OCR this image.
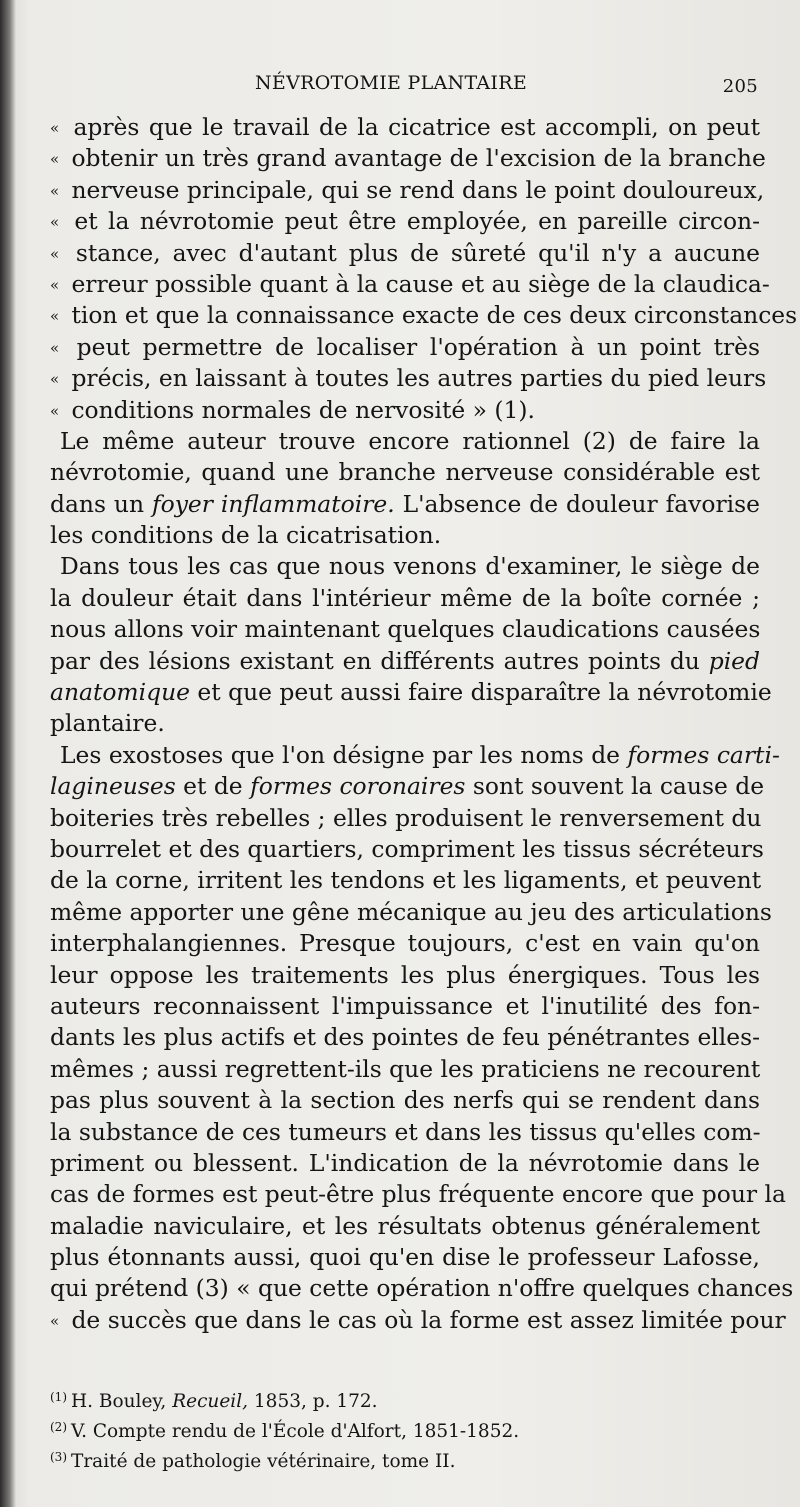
NÉVROTOMIE PLANTAIRE	205
« après que le travail de la cicatrice est accompli, on peut
« obtenir un très grand avantage de l'excision de la branche
« nerveuse principale, qui se rend dans le point douloureux,
« et la névrotomie peut être employée, en pareille circon-
« stance, avec d'autant plus de sûreté qu'il n'y a aucune
« erreur possible quant à la cause et au siège de la claudica-
« tion et que la connaissance exacte de ces deux circonstances
« peut permettre de localiser l'opération à un point très
« précis, en laissant à toutes les autres parties du pied leurs
« conditions normales de nervosité » (1).
Le même auteur trouve encore rationnel (2) de faire la
névrotomie, quand une branche nerveuse considérable est
dans un foyer inflammatoire. L'absence de douleur favorise
les conditions de la cicatrisation.
Dans tous les cas que nous venons d'examiner, le siège de
la douleur était dans l'intérieur même de la boîte cornée ;
nous allons voir maintenant quelques claudications causées
par des lésions existant en différents autres points du pied
anatomique et que peut aussi faire disparaître la névrotomie
plantaire.
Les exostoses que l'on désigne par les noms de formes carti-
lagineuses et de formes coronaires sont souvent la cause de
boiteries très rebelles ; elles produisent le renversement du
bourrelet et des quartiers, compriment les tissus sécréteurs
de la corne, irritent les tendons et les ligaments, et peuvent
même apporter une gêne mécanique au jeu des articulations
interphalangiennes. Presque toujours, c'est en vain qu'on
leur oppose les traitements les plus énergiques. Tous les
auteurs reconnaissent l'impuissance et l'inutilité des fon-
dants les plus actifs et des pointes de feu pénétrantes elles-
mêmes ; aussi regrettent-ils que les praticiens ne recourent
pas plus souvent à la section des nerfs qui se rendent dans
la substance de ces tumeurs et dans les tissus qu'elles com-
priment ou blessent. L'indication de la névrotomie dans le
cas de formes est peut-être plus fréquente encore que pour la
maladie naviculaire, et les résultats obtenus généralement
plus étonnants aussi, quoi qu'en dise le professeur Lafosse,
qui prétend (3) « que cette opération n'offre quelques chances
« de succès que dans le cas où la forme est assez limitée pour
$^{(1)}$ H. Bouley, Recueil, 1853, p. 172.
$^{(2)}$ V. Compte rendu de l'École d'Alfort, 1851-1852.
$^{(3)}$ Traité de pathologie vétérinaire, tome II.
